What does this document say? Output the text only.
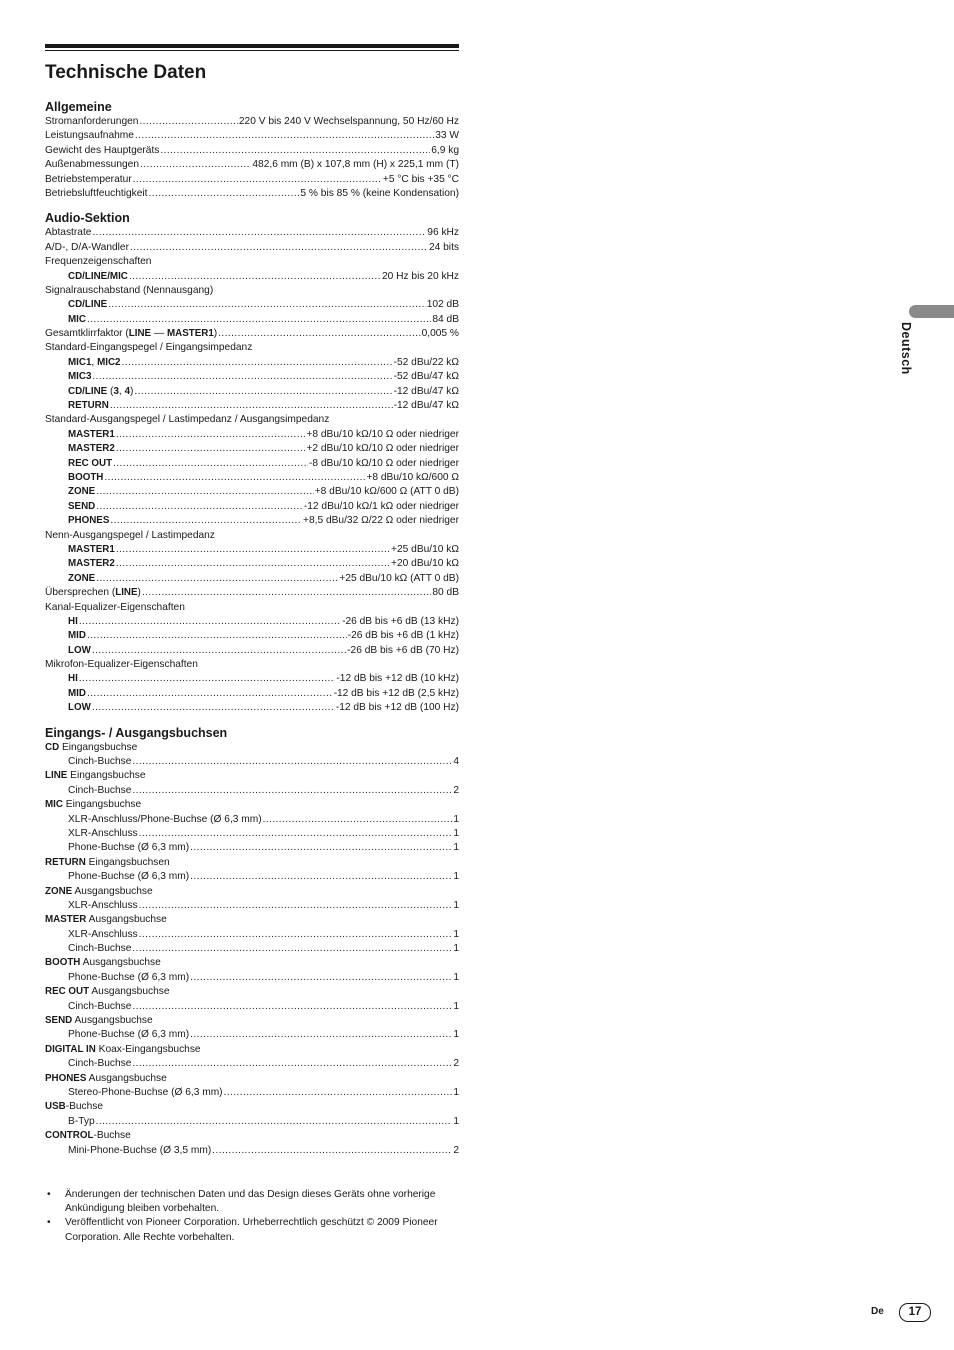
Technische Daten
Allgemeine
Stromanforderungen .....	220 V bis 240 V Wechselspannung, 50 Hz/60 Hz
Leistungsaufnahme .....	33 W
Gewicht des Hauptgeräts .....	6,9 kg
Außenabmessungen .....	482,6 mm (B) x 107,8 mm (H) x 225,1 mm (T)
Betriebstemperatur .....	+5 °C bis +35 °C
Betriebsluftfeuchtigkeit .....	5 % bis 85 % (keine Kondensation)
Audio-Sektion
Abtastrate .....	96 kHz
A/D-, D/A-Wandler .....	24 bits
Frequenzeigenschaften
CD/LINE/MIC .....	20 Hz bis 20 kHz
Signalrauschabstand (Nennausgang)
CD/LINE .....	102 dB
MIC .....	84 dB
Gesamtklirrfaktor (LINE — MASTER1) .....	0,005 %
Standard-Eingangspegel / Eingangsimpedanz
MIC1, MIC2 .....	-52 dBu/22 kΩ
MIC3 .....	-52 dBu/47 kΩ
CD/LINE (3, 4) .....	-12 dBu/47 kΩ
RETURN .....	-12 dBu/47 kΩ
Standard-Ausgangspegel / Lastimpedanz / Ausgangsimpedanz
MASTER1 .....	+8 dBu/10 kΩ/10 Ω oder niedriger
MASTER2 .....	+2 dBu/10 kΩ/10 Ω oder niedriger
REC OUT .....	-8 dBu/10 kΩ/10 Ω oder niedriger
BOOTH .....	+8 dBu/10 kΩ/600 Ω
ZONE .....	+8 dBu/10 kΩ/600 Ω (ATT 0 dB)
SEND .....	-12 dBu/10 kΩ/1 kΩ oder niedriger
PHONES .....	+8,5 dBu/32 Ω/22 Ω oder niedriger
Nenn-Ausgangspegel / Lastimpedanz
MASTER1 .....	+25 dBu/10 kΩ
MASTER2 .....	+20 dBu/10 kΩ
ZONE .....	+25 dBu/10 kΩ (ATT 0 dB)
Übersprechen (LINE) .....	80 dB
Kanal-Equalizer-Eigenschaften
HI .....	-26 dB bis +6 dB (13 kHz)
MID .....	-26 dB bis +6 dB (1 kHz)
LOW .....	-26 dB bis +6 dB (70 Hz)
Mikrofon-Equalizer-Eigenschaften
HI .....	-12 dB bis +12 dB (10 kHz)
MID .....	-12 dB bis +12 dB (2,5 kHz)
LOW .....	-12 dB bis +12 dB (100 Hz)
Eingangs- / Ausgangsbuchsen
CD Eingangsbuchse
Cinch-Buchse .....	4
LINE Eingangsbuchse
Cinch-Buchse .....	2
MIC Eingangsbuchse
XLR-Anschluss/Phone-Buchse (Ø 6,3 mm) .....	1
XLR-Anschluss .....	1
Phone-Buchse (Ø 6,3 mm) .....	1
RETURN Eingangsbuchsen
Phone-Buchse (Ø 6,3 mm) .....	1
ZONE Ausgangsbuchse
XLR-Anschluss .....	1
MASTER Ausgangsbuchse
XLR-Anschluss .....	1
Cinch-Buchse .....	1
BOOTH Ausgangsbuchse
Phone-Buchse (Ø 6,3 mm) .....	1
REC OUT Ausgangsbuchse
Cinch-Buchse .....	1
SEND Ausgangsbuchse
Phone-Buchse (Ø 6,3 mm) .....	1
DIGITAL IN Koax-Eingangsbuchse
Cinch-Buchse .....	2
PHONES Ausgangsbuchse
Stereo-Phone-Buchse (Ø 6,3 mm) .....	1
USB-Buchse
B-Typ .....	1
CONTROL-Buchse
Mini-Phone-Buchse (Ø 3,5 mm) .....	2
•	Änderungen der technischen Daten und das Design dieses Geräts ohne vorherige Ankündigung bleiben vorbehalten.
•	Veröffentlicht von Pioneer Corporation. Urheberrechtlich geschützt © 2009 Pioneer Corporation. Alle Rechte vorbehalten.
Deutsch
De	17
